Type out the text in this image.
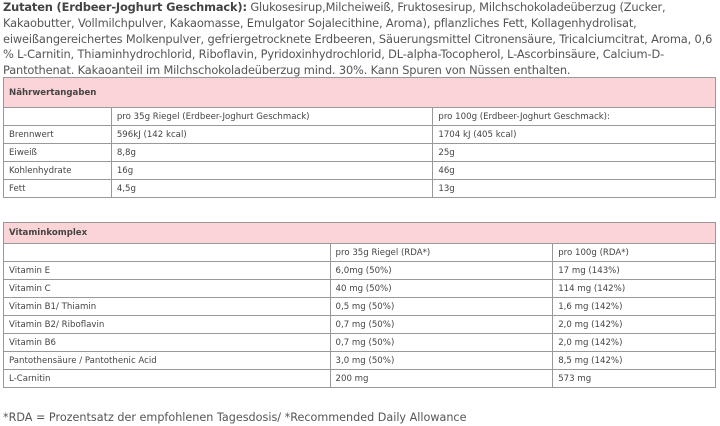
Zutaten (Erdbeer-Joghurt Geschmack): Glukosesirup,Milcheiweiß, Fruktosesirup, Milchschokoladeüberzug (Zucker, Kakaobutter, Vollmilchpulver, Kakaomasse, Emulgator Sojalecithine, Aroma), pflanzliches Fett, Kollagenhydrolisat, eiweißangereichertes Molkenpulver, gefriergetrocknete Erdbeeren, Säuerungsmittel Citronensäure, Tricalciumcitrat, Aroma, 0,6 % L-Carnitin, Thiaminhydrochlorid, Riboflavin, Pyridoxinhydrochlorid, DL-alpha-Tocopherol, L-Ascorbinsäure, Calcium-D-Pantothenat. Kakaoanteil im Milchschokoladeüberzug mind. 30%. Kann Spuren von Nüssen enthalten.
Nährwertangaben		
	pro 35g Riegel (Erdbeer-Joghurt Geschmack)	pro 100g (Erdbeer-Joghurt Geschmack):
Brennwert	596kJ (142 kcal)	1704 kJ (405 kcal)
Eiweiß	8,8g	25g
Kohlenhydrate	16g	46g
Fett	4,5g	13g
Vitaminkomplex		
	pro 35g Riegel (RDA*)	pro 100g (RDA*)
Vitamin E	6,0mg (50%)	17 mg (143%)
Vitamin C	40 mg (50%)	114 mg (142%)
Vitamin B1/ Thiamin	0,5 mg (50%)	1,6 mg (142%)
Vitamin B2/ Riboflavin	0,7 mg (50%)	2,0 mg (142%)
Vitamin B6	0,7 mg (50%)	2,0 mg (142%)
Pantothensäure / Pantothenic Acid	3,0 mg (50%)	8,5 mg (142%)
L-Carnitin	200 mg	573 mg
*RDA = Prozentsatz der empfohlenen Tagesdosis/ *Recommended Daily Allowance
